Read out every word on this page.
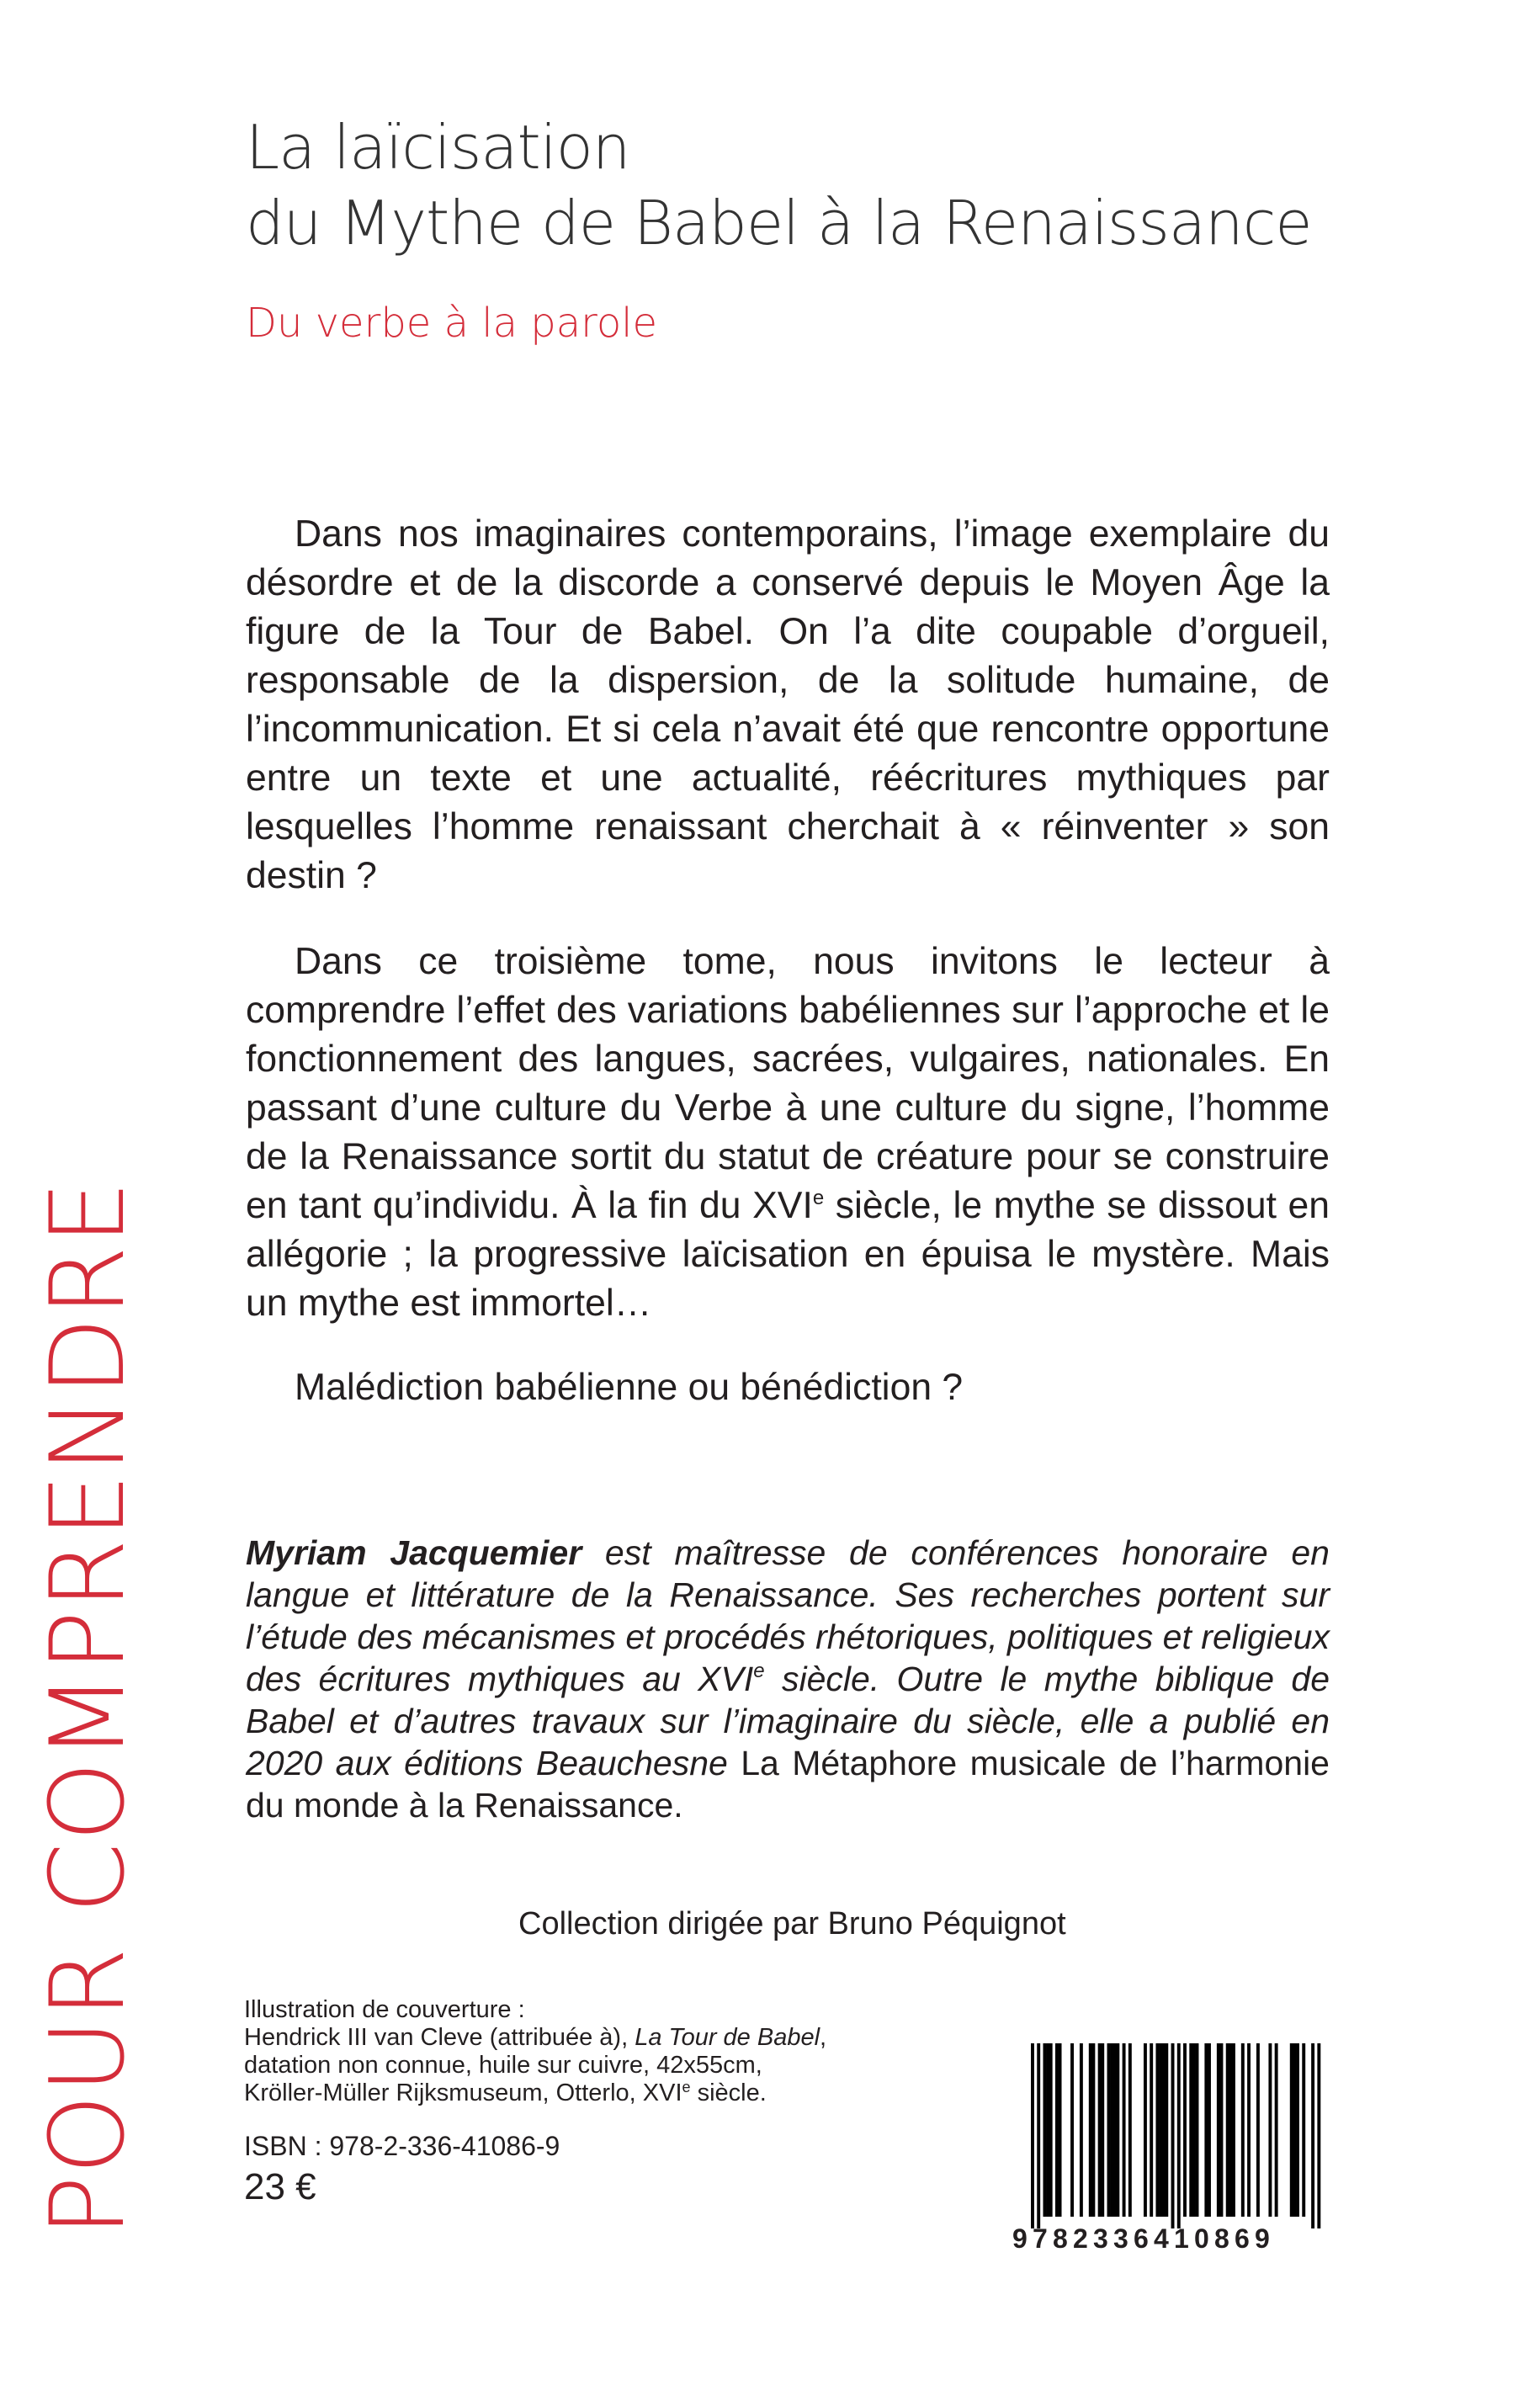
La laïcisation
du Mythe de Babel à la Renaissance
Du verbe à la parole

Dans nos imaginaires contemporains, l’image exemplaire du désordre et de la discorde a conservé depuis le Moyen Âge la figure de la Tour de Babel. On l’a dite coupable d’orgueil, responsable de la dispersion, de la solitude humaine, de l’incommunication. Et si cela n’avait été que rencontre opportune entre un texte et une actualité, réécritures mythiques par lesquelles l’homme renaissant cherchait à « réinventer » son destin ?

Dans ce troisième tome, nous invitons le lecteur à comprendre l’effet des variations babéliennes sur l’approche et le fonctionnement des langues, sacrées, vulgaires, nationales. En passant d’une culture du Verbe à une culture du signe, l’homme de la Renaissance sortit du statut de créature pour se construire en tant qu’individu. À la fin du XVIe siècle, le mythe se dissout en allégorie ; la progressive laïcisation en épuisa le mystère. Mais un mythe est immortel…

Malédiction babélienne ou bénédiction ?

Myriam Jacquemier est maîtresse de conférences honoraire en langue et littérature de la Renaissance. Ses recherches portent sur l’étude des mécanismes et procédés rhétoriques, politiques et religieux des écritures mythiques au XVIe siècle. Outre le mythe biblique de Babel et d’autres travaux sur l’imaginaire du siècle, elle a publié en 2020 aux éditions Beauchesne La Métaphore musicale de l’harmonie du monde à la Renaissance.

Collection dirigée par Bruno Péquignot
Illustration de couverture :
Hendrick III van Cleve (attribuée à), La Tour de Babel,
datation non connue, huile sur cuivre, 42x55cm,
Kröller-Müller Rijksmuseum, Otterlo, XVIe siècle.
ISBN : 978-2-336-41086-9
23 €
POUR COMPRENDRE
9782336410869
